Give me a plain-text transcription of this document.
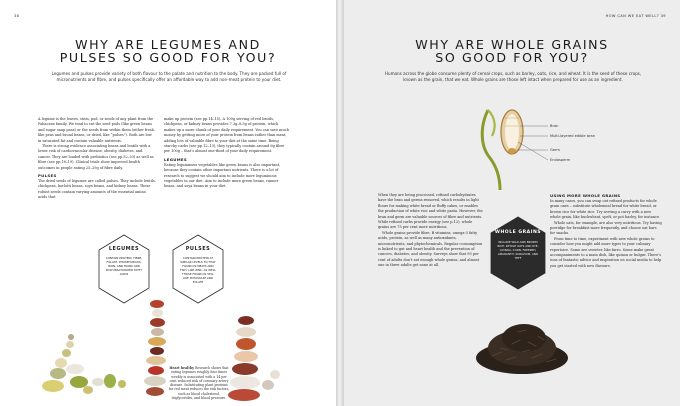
38
WHY ARE LEGUMES AND
PULSES SO GOOD FOR YOU?

Legumes and pulses provide variety of both flavour to the palate and nutrition to the body. They are packed full of micronutrients and fibre, and pulses specifically offer an affordable way to add non-meat protein to your diet.

A legume is the leaves, stem, pod, or seeds of any plant from the Fabaceae family. We tend to eat the seed pods (like green beans and sugar snap peas) or the seeds from within them (either fresh, like peas and broad beans, or dried, like “pulses”). Both are low in saturated fat and contain valuable nutrients.

There is strong evidence associating beans and lentils with a lower risk of cardiovascular disease, obesity, diabetes, and cancer. They are loaded with prebiotics (see pp.52–53) as well as fibre (see pp.18–19). Clinical trials show improved health outcomes in people eating 25–29g of fibre daily.

PULSES

The dried seeds of legumes are called pulses. They include lentils, chickpeas, borlotti beans, soya beans, and kidney beans. These robust seeds contain varying amounts of the essential amino acids that

make up protein (see pp.14–15). A 100g serving of red lentils, chickpeas, or kidney beans provides 7.3g–8.5g of protein, which makes up a more chunk of your daily requirement. You can save much money by getting more of your protein from beans rather than meat, adding lots of valuable fibre to your diet at the same time. Being starchy carbs (see pp.12–13), they typically contain around 6g fibre per 100g – that’s almost one-third of your daily requirement.

LEGUMES

Eating leguminous vegetables like green beans is also important, because they contain other important nutrients. There is a lot of research to suggest we should aim to include more leguminous vegetables in our diet. Aim to include more green beans, runner beans, and soya beans in your diet.

LEGUMES
CONTAIN PROTEIN, FIBRE, FOLATE, PHOSPHOROUS, IRON, AND MONO AND POLYUNSATURATED FATTY ACIDS
PULSES
CONTAIN PROTEIN AT SIMILAR LEVELS TO THAT FOUND IN MEATS AND FISH, LIKE ZINC, AS WELL THOSE FOUND IN VEG, LIKE POTASSIUM AND FOLATE

Heart healthy Research shows that eating legumes roughly four times weekly is associated with a 14 per cent reduced risk of coronary artery disease. Substituting plant proteins for red meat reduces the risk factors, such as blood cholesterol, triglycerides, and blood pressure.

HOW CAN WE EAT WELL? 39
WHY ARE WHOLE GRAINS
SO GOOD FOR YOU?

Humans across the globe consume plenty of cereal crops, such as barley, oats, rice, and wheat. It is the seed of these crops, known as the grain, that we eat. Whole grains are those left intact when prepared for use as an ingredient.

Bran
Multi-layered edible bran
Germ
Endosperm

When they are being processed, refined carbohydrates have the bran and germs removed, which results in light flours for making white bread or fluffy cakes, or enables the production of white rice and white pasta. However, the bran and germ are valuable sources of fibre and nutrients. While refined carbs provide energy (see p.12), whole grains are 75 per cent more nutritious.

Whole grains provide fibre, B vitamins, omega-3 fatty acids, protein, as well as many antioxidants, micronutrients, and phytochemicals. Regular consumption is linked to gut and heart health and the prevention of cancers, diabetes, and obesity. Surveys show that 95 per cent of adults don’t eat enough whole grains, and almost one in three adults get none at all.

USING MORE WHOLE GRAINS

In many cases, you can swap out refined products for whole grain ones – substitute wholemeal bread for white bread, or brown rice for white rice. Try serving a curry with a new whole grain, like buckwheat, spelt, or pot barley, for instance.

Whole oats, for example, are also very nutritious. Try having porridge for breakfast more frequently, and choose oat bars for snacks.

From time to time, experiment with new whole grains to consider how you might add more types to your culinary repertoire. Some are sweeter, like farro. Some make great accompaniments to a main dish, like quinoa or bulgur. There’s tons of fantastic advice and inspiration on social media to help you get started with new flavours.

WHOLE GRAINS
INCLUDE WILD AND BROWN RICE, WHOLE OATS AND RYE, QUINOA, CORN, FREEKEH, AMARANTH, SORGHUM, AND TEFF
